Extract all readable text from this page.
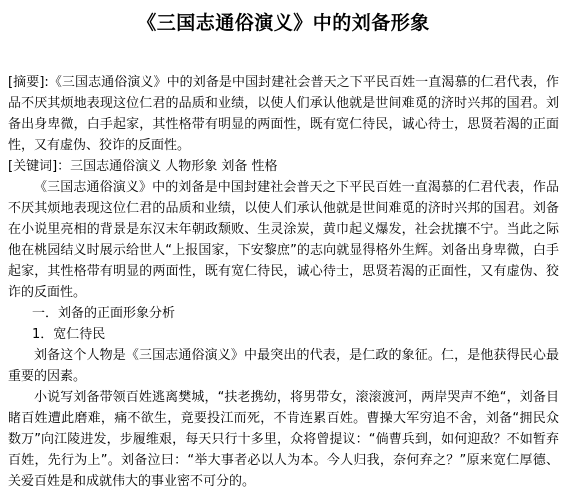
《三国志通俗演义》中的刘备形象
[摘要]:《三国志通俗演义》中的刘备是中国封建社会普天之下平民百姓一直渴慕的仁君代表，作品不厌其烦地表现这位仁君的品质和业绩，以使人们承认他就是世间难觅的济时兴邦的国君。刘备出身卑微，白手起家，其性格带有明显的两面性，既有宽仁待民，诚心待士，思贤若渴的正面性，又有虚伪、狡诈的反面性。
[关键词]：三国志通俗演义 人物形象 刘备 性格
《三国志通俗演义》中的刘备是中国封建社会普天之下平民百姓一直渴慕的仁君代表，作品不厌其烦地表现这位仁君的品质和业绩，以使人们承认他就是世间难觅的济时兴邦的国君。刘备在小说里亮相的背景是东汉末年朝政颓败、生灵涂炭，黄巾起义爆发，社会扰攘不宁。当此之际他在桃园结义时展示给世人“上报国家，下安黎庶”的志向就显得格外生辉。刘备出身卑微，白手起家，其性格带有明显的两面性，既有宽仁待民，诚心待士，思贤若渴的正面性，又有虚伪、狡诈的反面性。
一．刘备的正面形象分析
1．宽仁待民
刘备这个人物是《三国志通俗演义》中最突出的代表，是仁政的象征。仁，是他获得民心最重要的因素。
小说写刘备带领百姓逃离樊城，“扶老携幼，将男带女，滚滚渡河，两岸哭声不绝“，刘备目睹百姓遭此磨难，痛不欲生，竟要投江而死，不肯连累百姓。曹操大军穷追不舍，刘备“拥民众数万”向江陵进发，步履维艰，每天只行十多里，众将曾提议：“倘曹兵到，如何迎敌？不如暂弃百姓，先行为上”。刘备泣曰：“举大事者必以人为本。今人归我，奈何弃之？”原来宽仁厚德、关爱百姓是和成就伟大的事业密不可分的。
